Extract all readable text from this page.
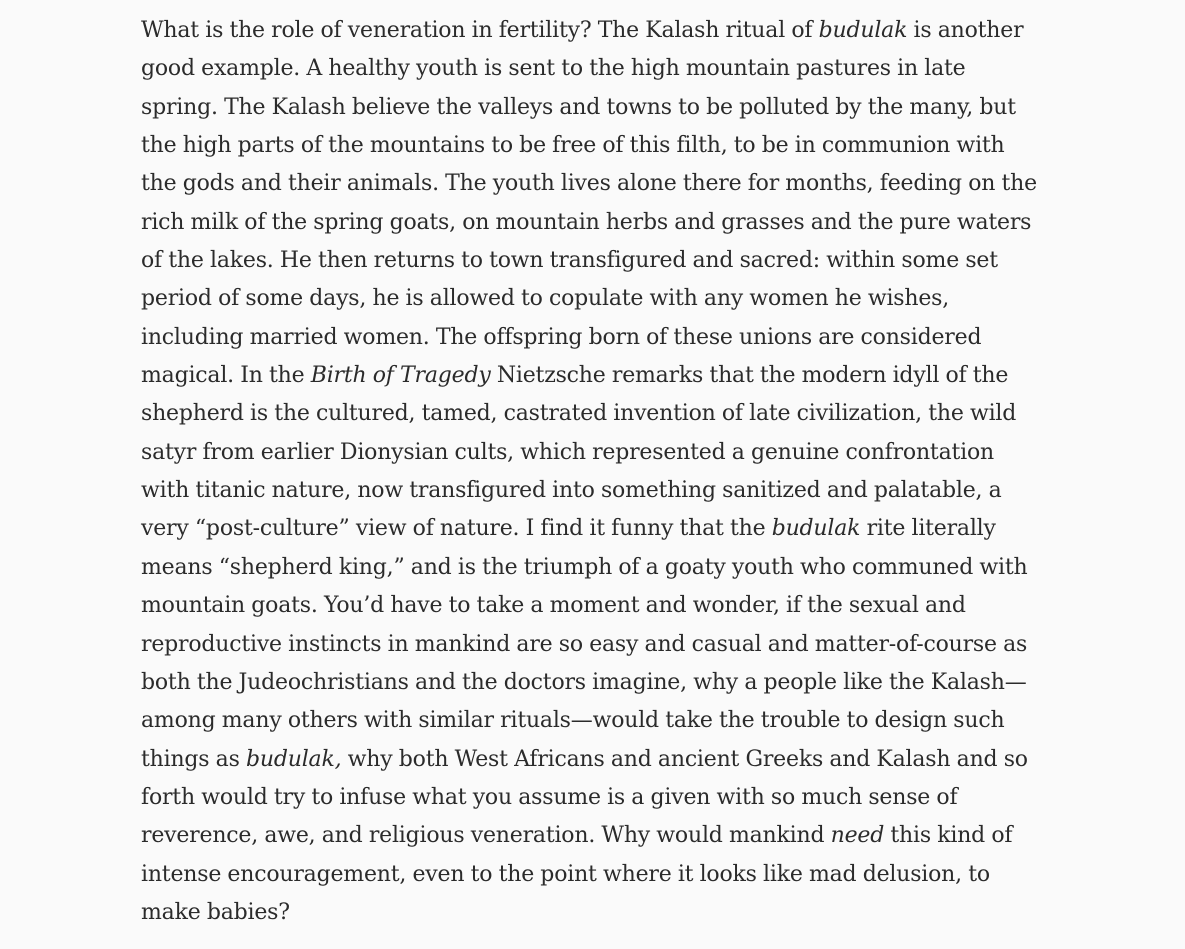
What is the role of veneration in fertility? The Kalash ritual of budulak is another
good example. A healthy youth is sent to the high mountain pastures in late
spring. The Kalash believe the valleys and towns to be polluted by the many, but
the high parts of the mountains to be free of this filth, to be in communion with
the gods and their animals. The youth lives alone there for months, feeding on the
rich milk of the spring goats, on mountain herbs and grasses and the pure waters
of the lakes. He then returns to town transfigured and sacred: within some set
period of some days, he is allowed to copulate with any women he wishes,
including married women. The offspring born of these unions are considered
magical. In the Birth of Tragedy Nietzsche remarks that the modern idyll of the
shepherd is the cultured, tamed, castrated invention of late civilization, the wild
satyr from earlier Dionysian cults, which represented a genuine confrontation
with titanic nature, now transfigured into something sanitized and palatable, a
very “post-culture” view of nature. I find it funny that the budulak rite literally
means “shepherd king,” and is the triumph of a goaty youth who communed with
mountain goats. You’d have to take a moment and wonder, if the sexual and
reproductive instincts in mankind are so easy and casual and matter-of-course as
both the Judeochristians and the doctors imagine, why a people like the Kalash—
among many others with similar rituals—would take the trouble to design such
things as budulak, why both West Africans and ancient Greeks and Kalash and so
forth would try to infuse what you assume is a given with so much sense of
reverence, awe, and religious veneration. Why would mankind need this kind of
intense encouragement, even to the point where it looks like mad delusion, to
make babies?
